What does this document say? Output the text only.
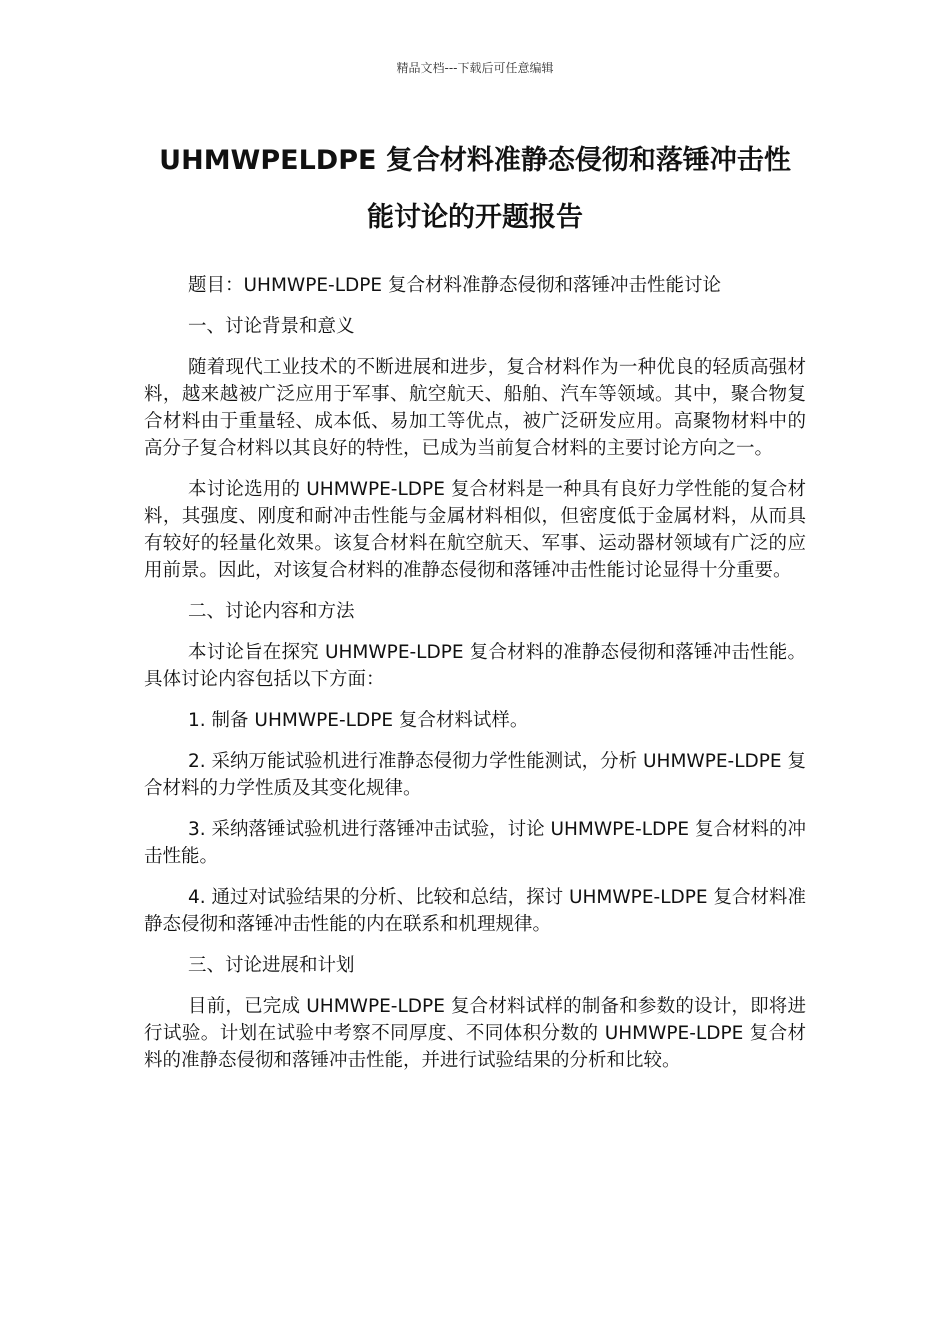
精品文档---下载后可任意编辑
UHMWPELDPE 复合材料准静态侵彻和落锤冲击性
能讨论的开题报告

题目：UHMWPE-LDPE 复合材料准静态侵彻和落锤冲击性能讨论

一、讨论背景和意义

随着现代工业技术的不断进展和进步，复合材料作为一种优良的轻质高强材料，越来越被广泛应用于军事、航空航天、船舶、汽车等领域。其中，聚合物复合材料由于重量轻、成本低、易加工等优点，被广泛研发应用。高聚物材料中的高分子复合材料以其良好的特性，已成为当前复合材料的主要讨论方向之一。

本讨论选用的 UHMWPE-LDPE 复合材料是一种具有良好力学性能的复合材料，其强度、刚度和耐冲击性能与金属材料相似，但密度低于金属材料，从而具有较好的轻量化效果。该复合材料在航空航天、军事、运动器材领域有广泛的应用前景。因此，对该复合材料的准静态侵彻和落锤冲击性能讨论显得十分重要。

二、讨论内容和方法

本讨论旨在探究 UHMWPE-LDPE 复合材料的准静态侵彻和落锤冲击性能。具体讨论内容包括以下方面：

1. 制备 UHMWPE-LDPE 复合材料试样。

2. 采纳万能试验机进行准静态侵彻力学性能测试，分析 UHMWPE-LDPE 复合材料的力学性质及其变化规律。

3. 采纳落锤试验机进行落锤冲击试验，讨论 UHMWPE-LDPE 复合材料的冲击性能。

4. 通过对试验结果的分析、比较和总结，探讨 UHMWPE-LDPE 复合材料准静态侵彻和落锤冲击性能的内在联系和机理规律。

三、讨论进展和计划

目前，已完成 UHMWPE-LDPE 复合材料试样的制备和参数的设计，即将进行试验。计划在试验中考察不同厚度、不同体积分数的 UHMWPE-LDPE 复合材料的准静态侵彻和落锤冲击性能，并进行试验结果的分析和比较。
